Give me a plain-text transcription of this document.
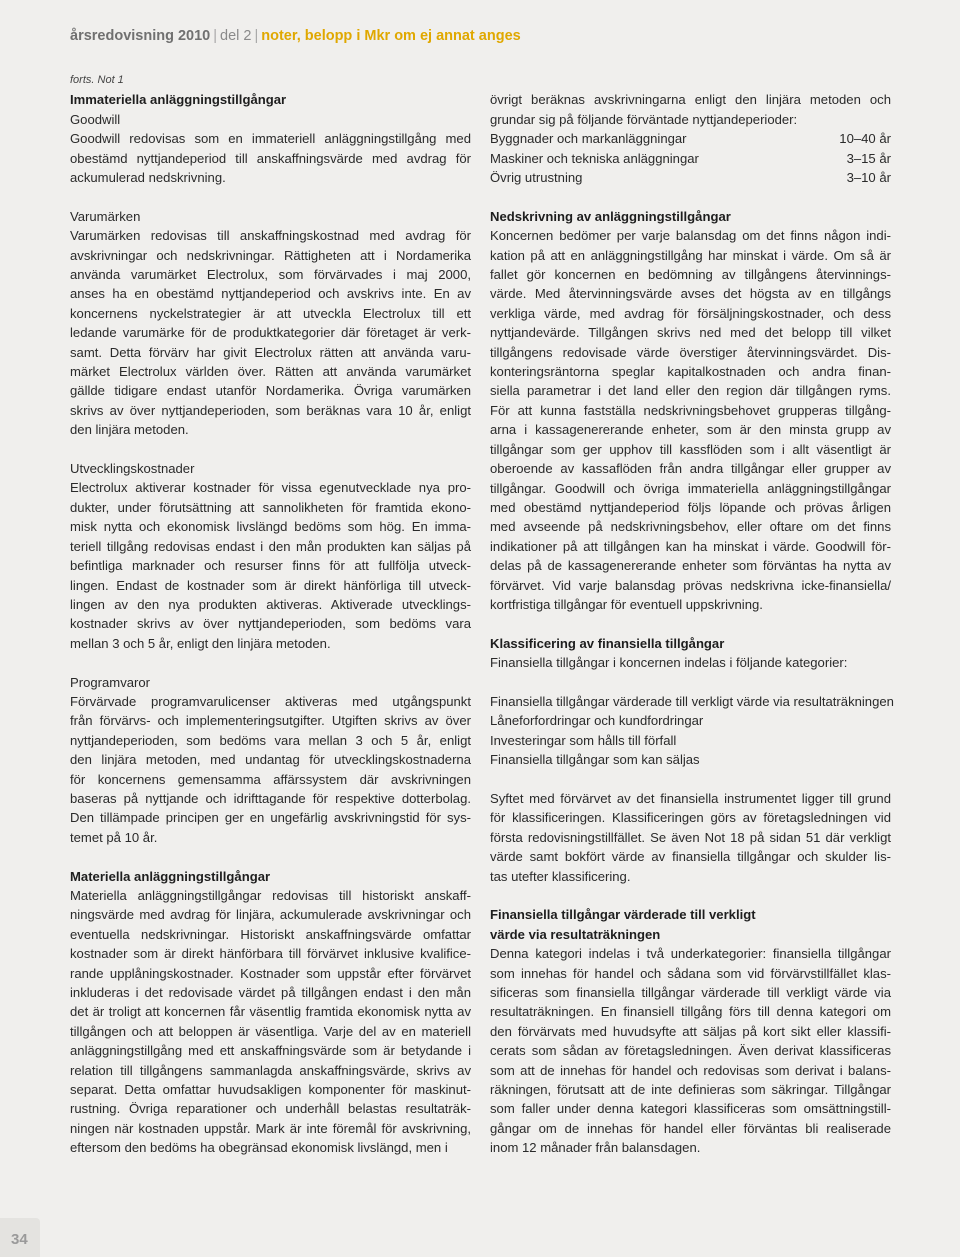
årsredovisning 2010 | del 2 | noter, belopp i Mkr om ej annat anges
forts. Not 1
Immateriella anläggningstillgångar
Goodwill
Goodwill redovisas som en immateriell anläggningstillgång med
obestämd nyttjandeperiod till anskaffningsvärde med avdrag för
ackumulerad nedskrivning.
Varumärken
Varumärken redovisas till anskaffningskostnad med avdrag för
avskrivningar och nedskrivningar. Rättigheten att i Nordamerika
använda varumärket Electrolux, som förvärvades i maj 2000,
anses ha en obestämd nyttjandeperiod och avskrivs inte. En av
koncernens nyckelstrategier är att utveckla Electrolux till ett
ledande varumärke för de produktkategorier där företaget är verk-
samt. Detta förvärv har givit Electrolux rätten att använda varu-
märket Electrolux världen över. Rätten att använda varumärket
gällde tidigare endast utanför Nordamerika. Övriga varumärken
skrivs av över nyttjandeperioden, som beräknas vara 10 år, enligt
den linjära metoden.
Utvecklingskostnader
Electrolux aktiverar kostnader för vissa egenutvecklade nya pro-
dukter, under förutsättning att sannolikheten för framtida ekono-
misk nytta och ekonomisk livslängd bedöms som hög. En imma-
teriell tillgång redovisas endast i den mån produkten kan säljas på
befintliga marknader och resurser finns för att fullfölja utveck-
lingen. Endast de kostnader som är direkt hänförliga till utveck-
lingen av den nya produkten aktiveras. Aktiverade utvecklings-
kostnader skrivs av över nyttjandeperioden, som bedöms vara
mellan 3 och 5 år, enligt den linjära metoden.
Programvaror
Förvärvade programvarulicenser aktiveras med utgångspunkt
från förvärvs- och implementeringsutgifter. Utgiften skrivs av över
nyttjandeperioden, som bedöms vara mellan 3 och 5 år, enligt
den linjära metoden, med undantag för utvecklingskostnaderna
för koncernens gemensamma affärssystem där avskrivningen
baseras på nyttjande och idrifttagande för respektive dotterbolag.
Den tillämpade principen ger en ungefärlig avskrivningstid för sys-
temet på 10 år.
Materiella anläggningstillgångar
Materiella anläggningstillgångar redovisas till historiskt anskaff-
ningsvärde med avdrag för linjära, ackumulerade avskrivningar och
eventuella nedskrivningar. Historiskt anskaffningsvärde omfattar
kostnader som är direkt hänförbara till förvärvet inklusive kvalifice-
rande upplåningskostnader. Kostnader som uppstår efter förvärvet
inkluderas i det redovisade värdet på tillgången endast i den mån
det är troligt att koncernen får väsentlig framtida ekonomisk nytta av
tillgången och att beloppen är väsentliga. Varje del av en materiell
anläggningstillgång med ett anskaffningsvärde som är betydande i
relation till tillgångens sammanlagda anskaffningsvärde, skrivs av
separat. Detta omfattar huvudsakligen komponenter för maskinut-
rustning. Övriga reparationer och underhåll belastas resultaträk-
ningen när kostnaden uppstår. Mark är inte föremål för avskrivning,
eftersom den bedöms ha obegränsad ekonomisk livslängd, men i
övrigt beräknas avskrivningarna enligt den linjära metoden och
grundar sig på följande förväntade nyttjandeperioder:
Byggnader och markanläggningar	10–40 år
Maskiner och tekniska anläggningar	3–15 år
Övrig utrustning	3–10 år
Nedskrivning av anläggningstillgångar
Koncernen bedömer per varje balansdag om det finns någon indi-
kation på att en anläggningstillgång har minskat i värde. Om så är
fallet gör koncernen en bedömning av tillgångens återvinnings-
värde. Med återvinningsvärde avses det högsta av en tillgångs
verkliga värde, med avdrag för försäljningskostnader, och dess
nyttjandevärde. Tillgången skrivs ned med det belopp till vilket
tillgångens redovisade värde överstiger återvinningsvärdet. Dis-
konteringsräntorna speglar kapitalkostnaden och andra finan-
siella parametrar i det land eller den region där tillgången ryms.
För att kunna fastställa nedskrivningsbehovet grupperas tillgång-
arna i kassagenererande enheter, som är den minsta grupp av
tillgångar som ger upphov till kassflöden som i allt väsentligt är
oberoende av kassaflöden från andra tillgångar eller grupper av
tillgångar. Goodwill och övriga immateriella anläggningstillgångar
med obestämd nyttjandeperiod följs löpande och prövas årligen
med avseende på nedskrivningsbehov, eller oftare om det finns
indikationer på att tillgången kan ha minskat i värde. Goodwill för-
delas på de kassagenererande enheter som förväntas ha nytta av
förvärvet. Vid varje balansdag prövas nedskrivna icke-finansiella/
kortfristiga tillgångar för eventuell uppskrivning.
Klassificering av finansiella tillgångar
Finansiella tillgångar i koncernen indelas i följande kategorier:
Finansiella tillgångar värderade till verkligt värde via resultaträkningen
Låneforfordringar och kundfordringar
Investeringar som hålls till förfall
Finansiella tillgångar som kan säljas
Syftet med förvärvet av det finansiella instrumentet ligger till grund
för klassificeringen. Klassificeringen görs av företagsledningen vid
första redovisningstillfället. Se även Not 18 på sidan 51 där verkligt
värde samt bokfört värde av finansiella tillgångar och skulder lis-
tas utefter klassificering.
Finansiella tillgångar värderade till verkligt
värde via resultaträkningen
Denna kategori indelas i två underkategorier: finansiella tillgångar
som innehas för handel och sådana som vid förvärvstillfället klas-
sificeras som finansiella tillgångar värderade till verkligt värde via
resultaträkningen. En finansiell tillgång förs till denna kategori om
den förvärvats med huvudsyfte att säljas på kort sikt eller klassifi-
cerats som sådan av företagsledningen. Även derivat klassificeras
som att de innehas för handel och redovisas som derivat i balans-
räkningen, förutsatt att de inte definieras som säkringar. Tillgångar
som faller under denna kategori klassificeras som omsättningstill-
gångar om de innehas för handel eller förväntas bli realiserade
inom 12 månader från balansdagen.
34
